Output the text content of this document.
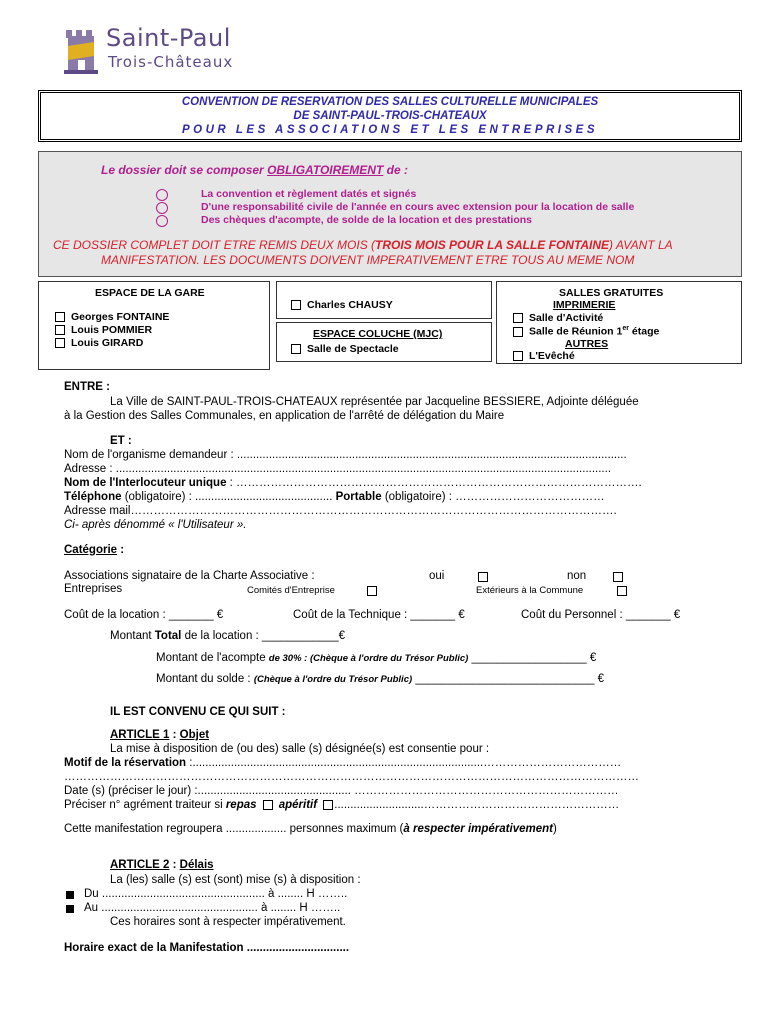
Saint-Paul
Trois-Châteaux
CONVENTION DE RESERVATION DES SALLES CULTURELLE MUNICIPALES
DE SAINT-PAUL-TROIS-CHATEAUX
POUR LES ASSOCIATIONS ET LES ENTREPRISES
Le dossier doit se composer OBLIGATOIREMENT de :
La convention et règlement datés et signés
D'une responsabilité civile de l'année en cours avec extension pour la location de salle
Des chèques d'acompte, de solde de la location et des prestations
CE DOSSIER COMPLET DOIT ETRE REMIS DEUX MOIS (TROIS MOIS POUR LA SALLE FONTAINE) AVANT LA
MANIFESTATION. LES DOCUMENTS DOIVENT IMPERATIVEMENT ETRE TOUS AU MEME NOM
ESPACE DE LA GARE
Georges FONTAINE
Louis POMMIER
Louis GIRARD
Charles CHAUSY
ESPACE COLUCHE (MJC)
Salle de Spectacle
SALLES GRATUITES
IMPRIMERIE
Salle d'Activité
Salle de Réunion 1er étage
AUTRES
L'Evêché
ENTRE :
La Ville de SAINT-PAUL-TROIS-CHATEAUX représentée par Jacqueline BESSIERE, Adjointe déléguée
à la Gestion des Salles Communales, en application de l'arrêté de délégation du Maire
ET :
Nom de l'organisme demandeur : ..........................................................................................................................
Adresse : ...........................................................................................................................................................
Nom de l'Interlocuteur unique : …………………………………………………………………………………………….
Téléphone (obligatoire) : ........................................... Portable (obligatoire) : …………………………………
Adresse mail……………………………………………………………………………………………………………….
Ci- après dénommé « l'Utilisateur ».
Catégorie :
Associations signataire de la Charte Associative :	oui	non
Entreprises	Comités d'Entreprise	Extérieurs à la Commune
Coût de la location : _______ €	Coût de la Technique : _______ €	Coût du Personnel : _______ €
Montant Total de la location : ____________€
Montant de l'acompte de 30% : (Chèque à l'ordre du Trésor Public) __________________ €
Montant du solde : (Chèque à l'ordre du Trésor Public) ____________________________ €
IL EST CONVENU CE QUI SUIT :
ARTICLE 1 : Objet
La mise à disposition de (ou des) salle (s) désignée(s) est consentie pour :
Motif de la réservation :...........................................................................................………………………………
……………………………………………………………………………………………………………………………………
Date (s) (préciser le jour) :................................................ ……………………………………………………………
Préciser n° agrément traiteur si repas apéritif ............................……………………………………………
Cette manifestation regroupera ................... personnes maximum (à respecter impérativement)
ARTICLE 2 : Délais
La (les) salle (s) est (sont) mise (s) à disposition :
Du ................................................... à ........ H ……..
Au ................................................. à ........ H ……..
Ces horaires sont à respecter impérativement.
Horaire exact de la Manifestation ................................
